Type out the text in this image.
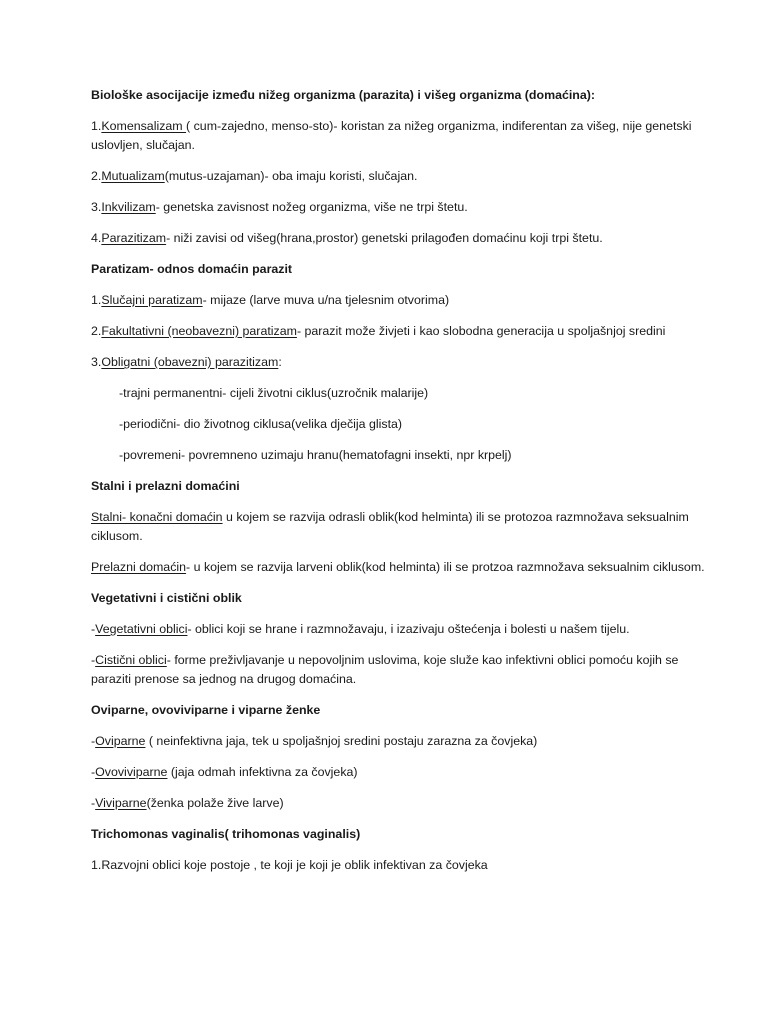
Biološke asocijacije između nižeg organizma (parazita) i višeg organizma (domaćina):

1.Komensalizam ( cum-zajedno, menso-sto)- koristan za nižeg organizma, indiferentan za višeg, nije genetski uslovljen, slučajan.

2.Mutualizam(mutus-uzajaman)- oba imaju koristi, slučajan.

3.Inkvilizam- genetska zavisnost nožeg organizma, više ne trpi štetu.

4.Parazitizam- niži zavisi od višeg(hrana,prostor) genetski prilagođen domaćinu koji trpi štetu.

Paratizam- odnos domaćin parazit

1.Slučajni paratizam- mijaze (larve muva u/na tjelesnim otvorima)

2.Fakultativni (neobavezni) paratizam- parazit može živjeti i kao slobodna generacija u spoljašnjoj sredini

3.Obligatni (obavezni) parazitizam:

-trajni permanentni- cijeli životni ciklus(uzročnik malarije)

-periodični- dio životnog ciklusa(velika dječija glista)

-povremeni- povremneno uzimaju hranu(hematofagni insekti, npr krpelj)

Stalni i prelazni domaćini

Stalni- konačni domaćin u kojem se razvija odrasli oblik(kod helminta) ili se protozoa razmnožava seksualnim ciklusom.

Prelazni domaćin- u kojem se razvija larveni oblik(kod helminta) ili se protzoa razmnožava seksualnim ciklusom.

Vegetativni i cistični oblik

-Vegetativni oblici- oblici koji se hrane i razmnožavaju, i izazivaju oštećenja i bolesti u našem tijelu.

-Cistični oblici- forme preživljavanje u nepovoljnim uslovima, koje služe kao infektivni oblici pomoću kojih se paraziti prenose sa jednog na drugog domaćina.

Oviparne, ovoviviparne i viparne ženke

-Oviparne ( neinfektivna jaja, tek u spoljašnjoj sredini postaju zarazna za čovjeka)

-Ovoviviparne (jaja odmah infektivna za čovjeka)

-Viviparne(ženka polaže žive larve)

Trichomonas vaginalis( trihomonas vaginalis)

1.Razvojni oblici koje postoje , te koji je koji je oblik infektivan za čovjeka
